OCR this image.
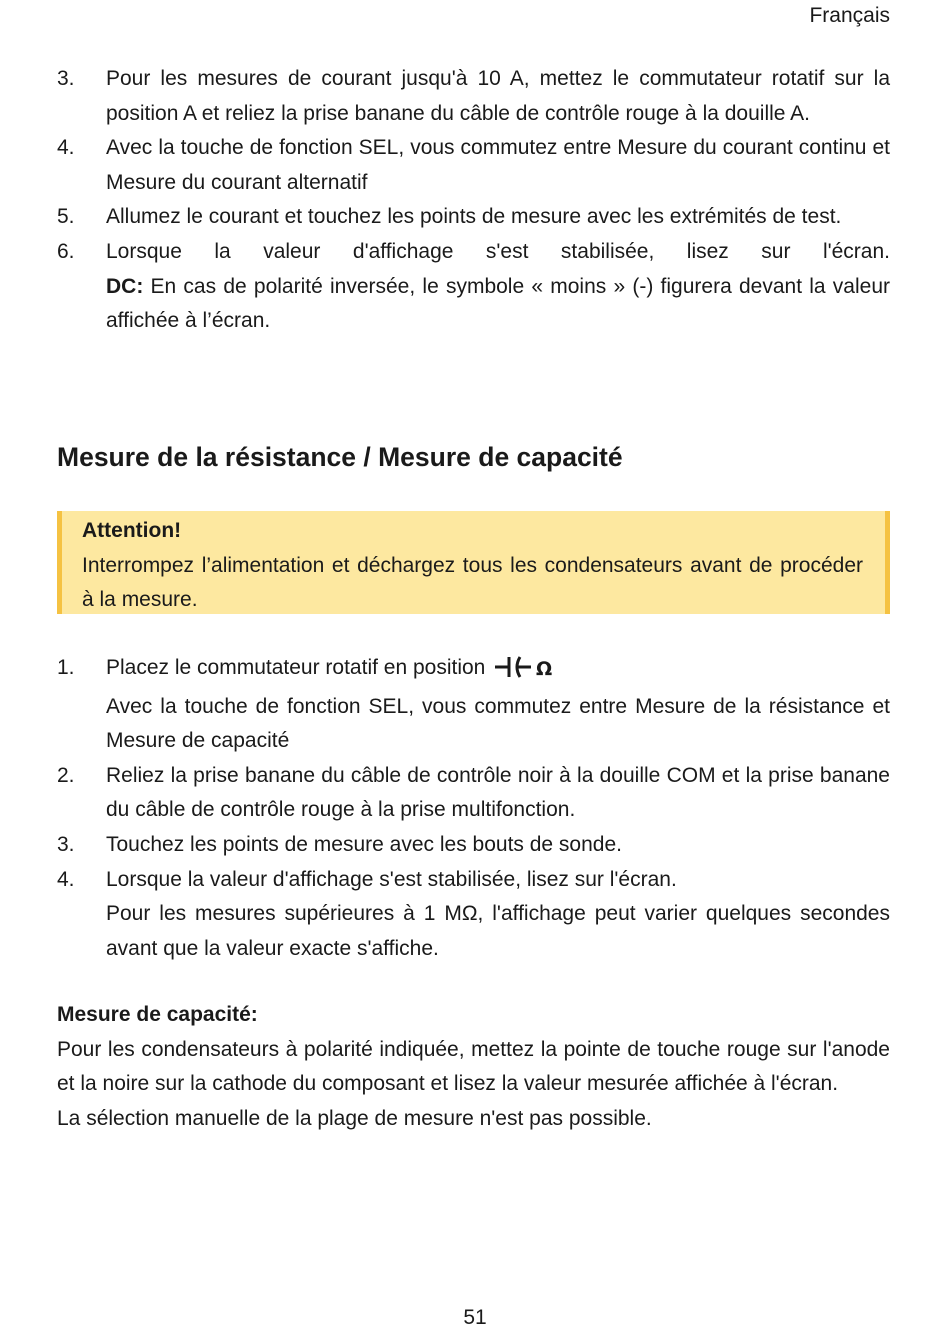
Français
3. Pour les mesures de courant jusqu'à 10 A, mettez le commutateur rotatif sur la position A et reliez la prise banane du câble de contrôle rouge à la douille A.

4. Avec la touche de fonction SEL, vous commutez entre Mesure du courant continu et Mesure du courant alternatif

5. Allumez le courant et touchez les points de mesure avec les extrémités de test.

6. Lorsque la valeur d'affichage s'est stabilisée, lisez sur l'écran.

DC: En cas de polarité inversée, le symbole « moins » (-) figurera devant la valeur affichée à l’écran.

Mesure de la résistance / Mesure de capacité

Attention!

Interrompez l’alimentation et déchargez tous les condensateurs avant de procéder à la mesure.

1. Placez le commutateur rotatif en position	Ω

Avec la touche de fonction SEL, vous commutez entre Mesure de la résistance et Mesure de capacité

2. Reliez la prise banane du câble de contrôle noir à la douille COM et la prise banane du câble de contrôle rouge à la prise multifonction.

3. Touchez les points de mesure avec les bouts de sonde.

4. Lorsque la valeur d'affichage s'est stabilisée, lisez sur l'écran.

Pour les mesures supérieures à 1 MΩ, l'affichage peut varier quelques secondes avant que la valeur exacte s'affiche.

Mesure de capacité:

Pour les condensateurs à polarité indiquée, mettez la pointe de touche rouge sur l'anode et la noire sur la cathode du composant et lisez la valeur mesurée affichée à l'écran.

La sélection manuelle de la plage de mesure n'est pas possible.

51
